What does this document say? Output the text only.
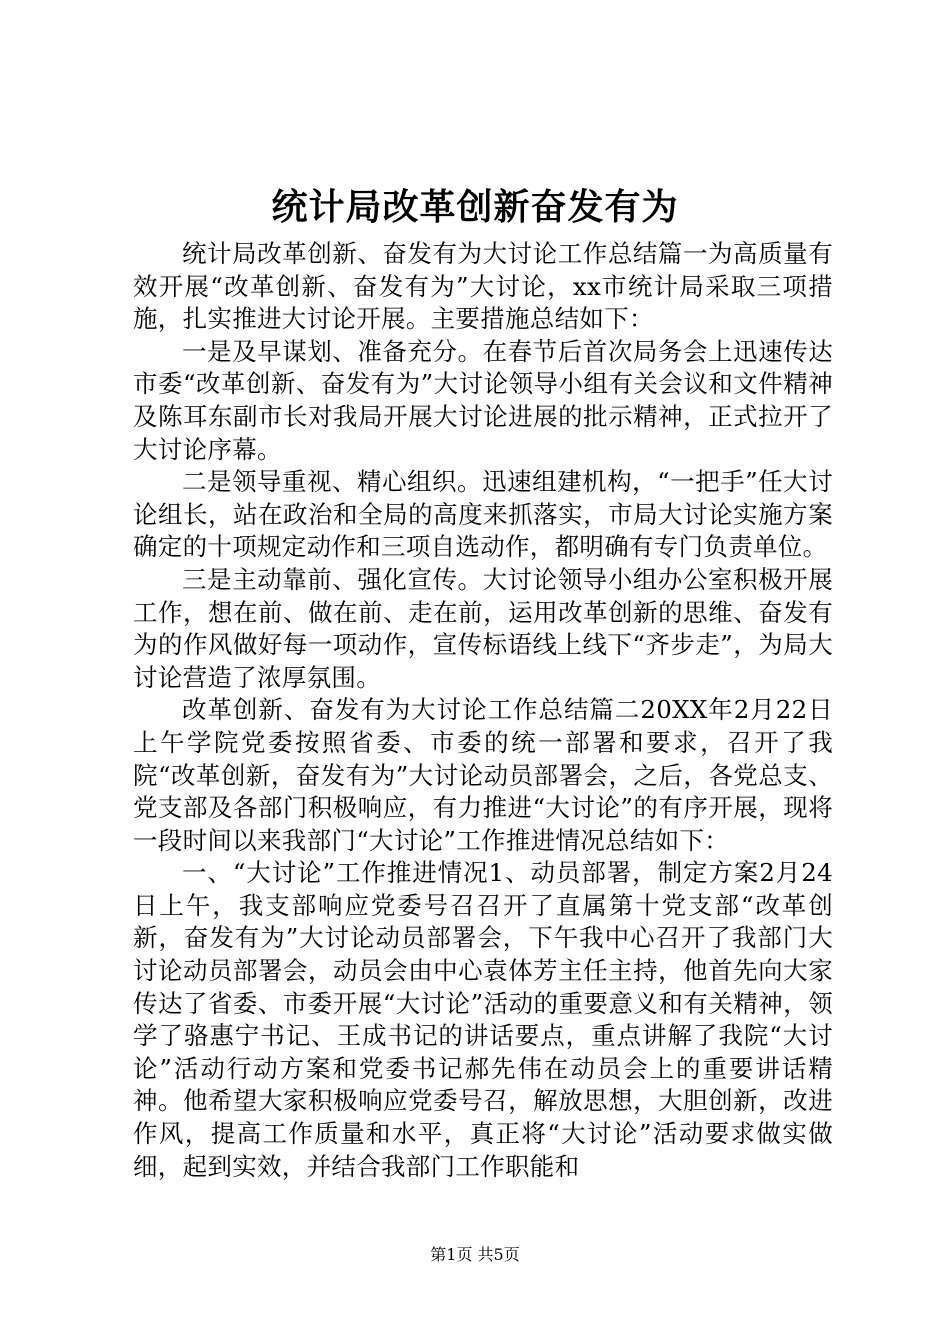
统计局改革创新奋发有为

统计局改革创新、奋发有为大讨论工作总结篇一为高质量有效开展“改革创新、奋发有为”大讨论，xx市统计局采取三项措施，扎实推进大讨论开展。主要措施总结如下：

一是及早谋划、准备充分。在春节后首次局务会上迅速传达市委“改革创新、奋发有为”大讨论领导小组有关会议和文件精神及陈耳东副市长对我局开展大讨论进展的批示精神，正式拉开了大讨论序幕。

二是领导重视、精心组织。迅速组建机构，“一把手”任大讨论组长，站在政治和全局的高度来抓落实，市局大讨论实施方案确定的十项规定动作和三项自选动作，都明确有专门负责单位。

三是主动靠前、强化宣传。大讨论领导小组办公室积极开展工作，想在前、做在前、走在前，运用改革创新的思维、奋发有为的作风做好每一项动作，宣传标语线上线下“齐步走”，为局大讨论营造了浓厚氛围。

改革创新、奋发有为大讨论工作总结篇二20XX年2月22日上午学院党委按照省委、市委的统一部署和要求，召开了我院“改革创新，奋发有为”大讨论动员部署会，之后，各党总支、党支部及各部门积极响应，有力推进“大讨论”的有序开展，现将一段时间以来我部门“大讨论”工作推进情况总结如下：

一、“大讨论”工作推进情况1、动员部署，制定方案2月24日上午，我支部响应党委号召召开了直属第十党支部“改革创新，奋发有为”大讨论动员部署会，下午我中心召开了我部门大讨论动员部署会，动员会由中心袁体芳主任主持，他首先向大家传达了省委、市委开展“大讨论”活动的重要意义和有关精神，领学了骆惠宁书记、王成书记的讲话要点，重点讲解了我院“大讨论”活动行动方案和党委书记郝先伟在动员会上的重要讲话精神。他希望大家积极响应党委号召，解放思想，大胆创新，改进作风，提高工作质量和水平，真正将“大讨论”活动要求做实做细，起到实效，并结合我部门工作职能和

第1页 共5页
